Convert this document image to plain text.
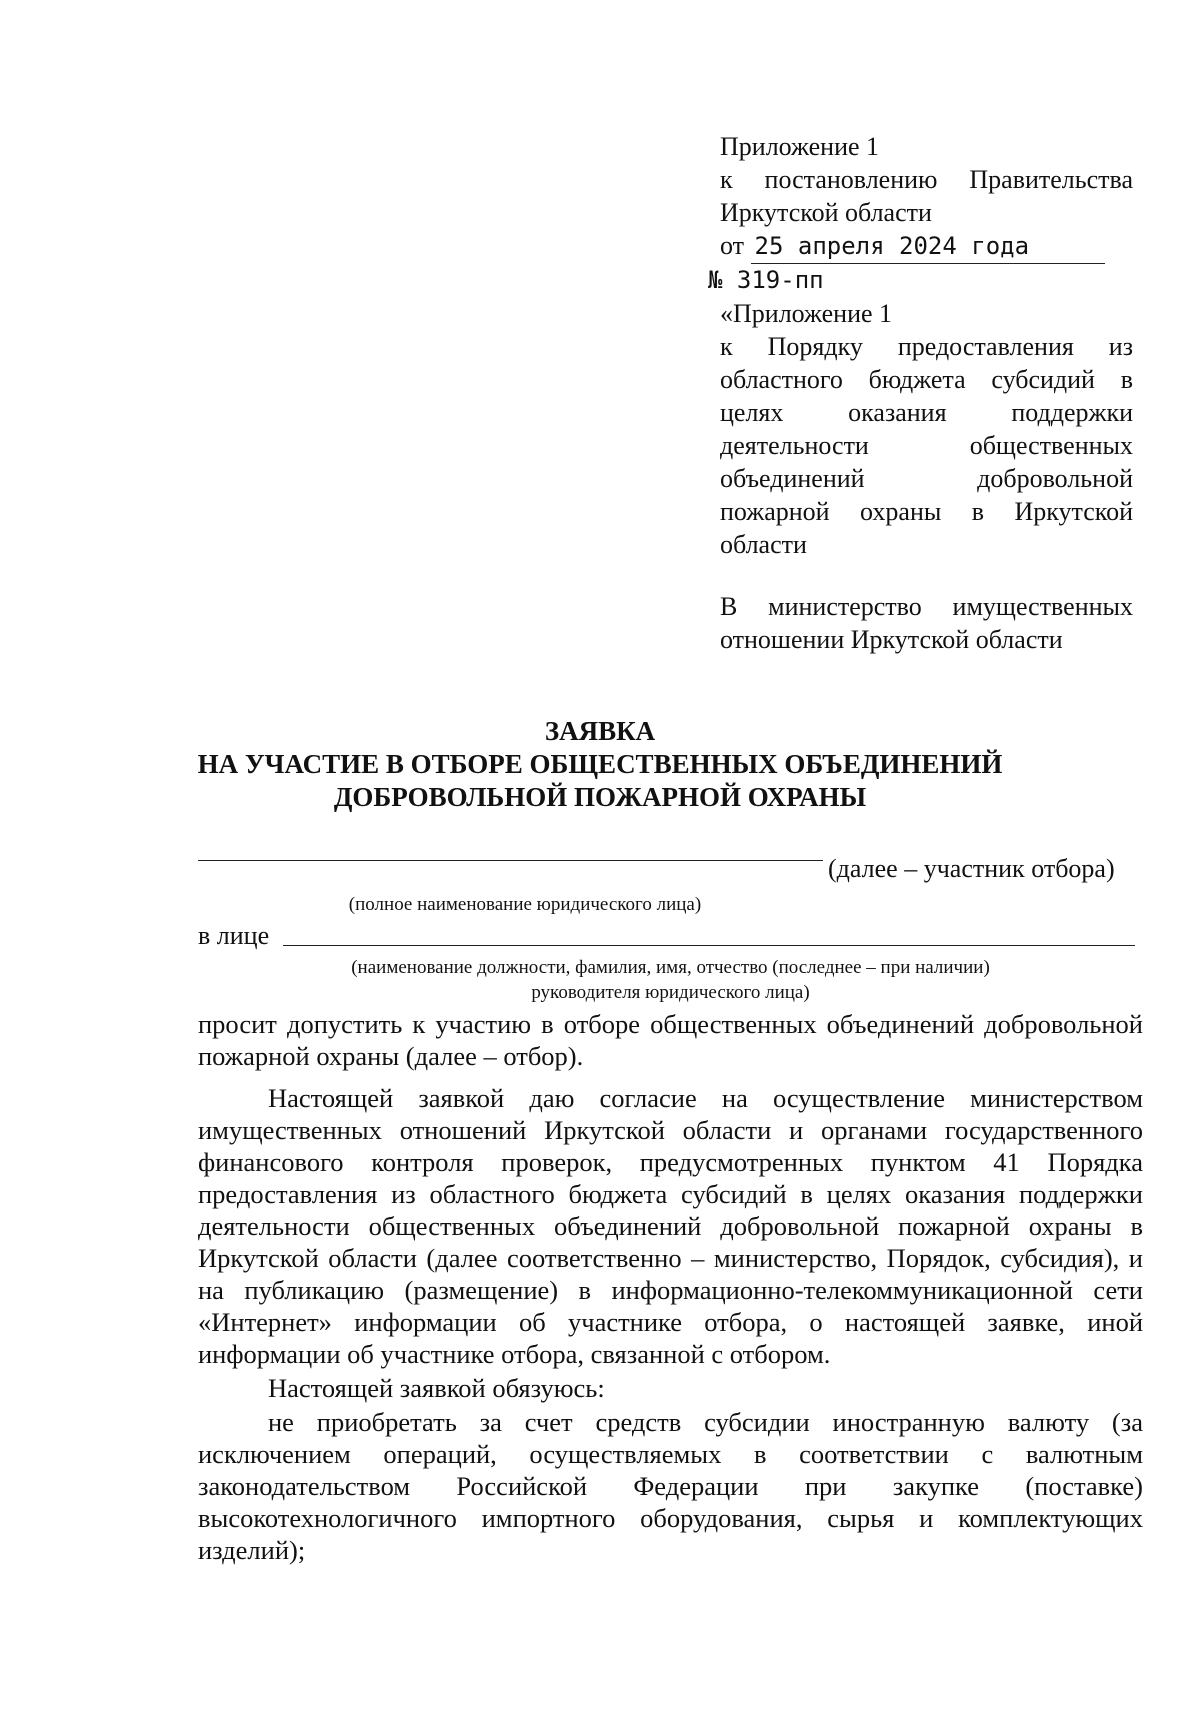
Приложение 1
к постановлению Правительства
Иркутской области
от 25 апреля 2024 года
№ 319-пп
«Приложение 1
к Порядку предоставления из
областного бюджета субсидий в
целях оказания поддержки
деятельности общественных
объединений добровольной
пожарной охраны в Иркутской
области
В министерство имущественных
отношении Иркутской области
ЗАЯВКА
НА УЧАСТИЕ В ОТБОРЕ ОБЩЕСТВЕННЫХ ОБЪЕДИНЕНИЙ
ДОБРОВОЛЬНОЙ ПОЖАРНОЙ ОХРАНЫ
(далее – участник отбора)
(полное наименование юридического лица)
в лице
(наименование должности, фамилия, имя, отчество (последнее – при наличии)
руководителя юридического лица)

просит допустить к участию в отборе общественных объединений добровольной пожарной охраны (далее – отбор).

Настоящей заявкой даю согласие на осуществление министерством имущественных отношений Иркутской области и органами государственного финансового контроля проверок, предусмотренных пунктом 41 Порядка предоставления из областного бюджета субсидий в целях оказания поддержки деятельности общественных объединений добровольной пожарной охраны в Иркутской области (далее соответственно – министерство, Порядок, субсидия), и на публикацию (размещение) в информационно-телекоммуникационной сети «Интернет» информации об участнике отбора, о настоящей заявке, иной информации об участнике отбора, связанной с отбором.

Настоящей заявкой обязуюсь:

не приобретать за счет средств субсидии иностранную валюту (за исключением операций, осуществляемых в соответствии с валютным законодательством Российской Федерации при закупке (поставке) высокотехнологичного импортного оборудования, сырья и комплектующих изделий);
